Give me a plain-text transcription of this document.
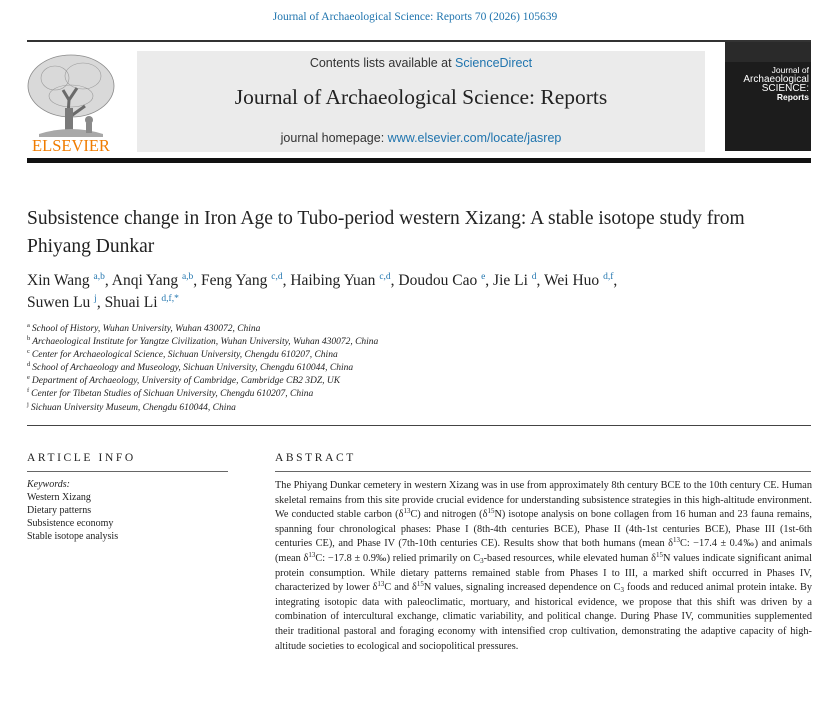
Journal of Archaeological Science: Reports 70 (2026) 105639
ELSEVIER
Contents lists available at ScienceDirect
Journal of Archaeological Science: Reports
journal homepage: www.elsevier.com/locate/jasrep
Journal of
Archaeological
SCIENCE:
Reports
Subsistence change in Iron Age to Tubo-period western Xizang: A stable isotope study from Phiyang Dunkar
Xin Wang $^{a,b}$, Anqi Yang $^{a,b}$, Feng Yang $^{c,d}$, Haibing Yuan $^{c,d}$, Doudou Cao $^e$, Jie Li $^d$, Wei Huo $^{d,f}$,
Suwen Lu $^j$, Shuai Li $^{d,f,*}$
$^a$ School of History, Wuhan University, Wuhan 430072, China
$^b$ Archaeological Institute for Yangtze Civilization, Wuhan University, Wuhan 430072, China
$^c$ Center for Archaeological Science, Sichuan University, Chengdu 610207, China
$^d$ School of Archaeology and Museology, Sichuan University, Chengdu 610044, China
$^e$ Department of Archaeology, University of Cambridge, Cambridge CB2 3DZ, UK
$^f$ Center for Tibetan Studies of Sichuan University, Chengdu 610207, China
$^j$ Sichuan University Museum, Chengdu 610044, China
ARTICLE INFO	ABSTRACT
Keywords:
Western Xizang
Dietary patterns
Subsistence economy
Stable isotope analysis
The Phiyang Dunkar cemetery in western Xizang was in use from approximately 8th century BCE to the 10th century CE. Human skeletal remains from this site provide crucial evidence for understanding subsistence strategies in this high-altitude environment. We conducted stable carbon $(\delta^{13}C)$ and nitrogen $(\delta^{15}N)$ isotope analysis on bone collagen from 16 human and 23 fauna remains, spanning four chronological phases: Phase I (8th-4th centuries BCE), Phase II (4th-1st centuries BCE), Phase III (1st-6th centuries CE), and Phase IV (7th-10th centuries CE). Results show that both humans (mean $\delta^{13}C$: −17.4 ± 0.4‰) and animals (mean $\delta^{13}C$: −17.8 ± 0.9‰) relied primarily on $C_3$-based resources, while elevated human $\delta^{15}N$ values indicate significant animal protein consumption. While dietary patterns remained stable from Phases I to III, a marked shift occurred in Phases IV, characterized by lower $\delta^{13}C$ and $\delta^{15}N$ values, signaling increased dependence on $C_3$ foods and reduced animal protein intake. By integrating isotopic data with paleoclimatic, mortuary, and historical evidence, we propose that this shift was driven by a combination of intercultural exchange, climatic variability, and political change. During Phase IV, communities supplemented their traditional pastoral and foraging economy with intensified crop cultivation, demonstrating the adaptive capacity of high-altitude societies to ecological and sociopolitical pressures.
